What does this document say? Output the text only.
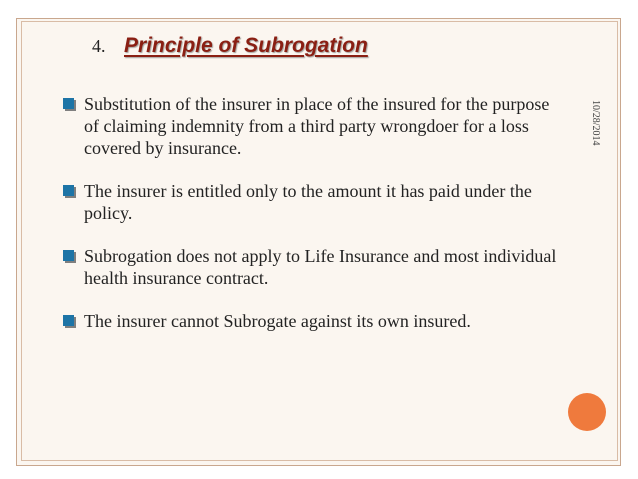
4. Principle of Subrogation
Substitution of the insurer in place of the insured for the purpose of claiming indemnity from a third party wrongdoer for a loss covered by insurance.
The insurer is entitled only to the amount it has paid under the policy.
Subrogation does not apply to Life Insurance and most individual health insurance contract.
The insurer cannot Subrogate against its own insured.
10/28/2014
